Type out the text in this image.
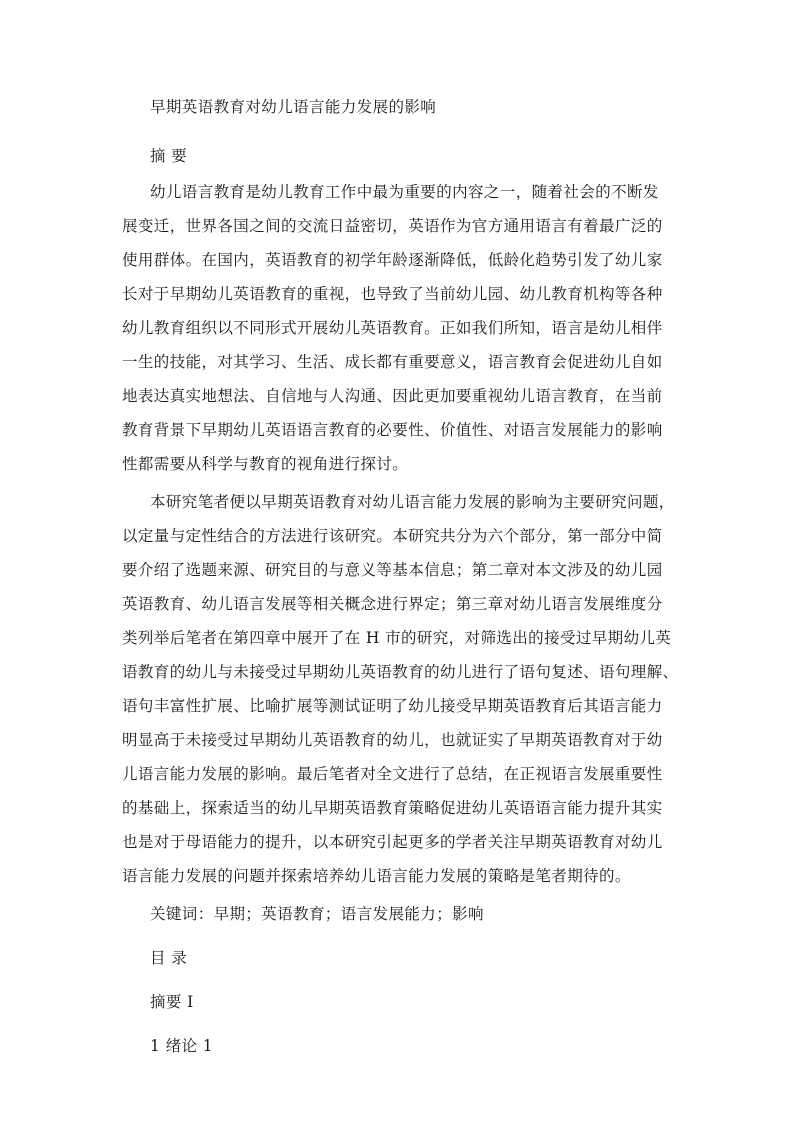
早期英语教育对幼儿语言能力发展的影响
摘 要
幼儿语言教育是幼儿教育工作中最为重要的内容之一，随着社会的不断发
展变迁，世界各国之间的交流日益密切，英语作为官方通用语言有着最广泛的
使用群体。在国内，英语教育的初学年龄逐渐降低，低龄化趋势引发了幼儿家
长对于早期幼儿英语教育的重视，也导致了当前幼儿园、幼儿教育机构等各种
幼儿教育组织以不同形式开展幼儿英语教育。正如我们所知，语言是幼儿相伴
一生的技能，对其学习、生活、成长都有重要意义，语言教育会促进幼儿自如
地表达真实地想法、自信地与人沟通、因此更加要重视幼儿语言教育，在当前
教育背景下早期幼儿英语语言教育的必要性、价值性、对语言发展能力的影响
性都需要从科学与教育的视角进行探讨。
本研究笔者便以早期英语教育对幼儿语言能力发展的影响为主要研究问题，
以定量与定性结合的方法进行该研究。本研究共分为六个部分，第一部分中简
要介绍了选题来源、研究目的与意义等基本信息；第二章对本文涉及的幼儿园
英语教育、幼儿语言发展等相关概念进行界定；第三章对幼儿语言发展维度分
类列举后笔者在第四章中展开了在 H 市的研究，对筛选出的接受过早期幼儿英
语教育的幼儿与未接受过早期幼儿英语教育的幼儿进行了语句复述、语句理解、
语句丰富性扩展、比喻扩展等测试证明了幼儿接受早期英语教育后其语言能力
明显高于未接受过早期幼儿英语教育的幼儿，也就证实了早期英语教育对于幼
儿语言能力发展的影响。最后笔者对全文进行了总结，在正视语言发展重要性
的基础上，探索适当的幼儿早期英语教育策略促进幼儿英语语言能力提升其实
也是对于母语能力的提升，以本研究引起更多的学者关注早期英语教育对幼儿
语言能力发展的问题并探索培养幼儿语言能力发展的策略是笔者期待的。
关键词：早期；英语教育；语言发展能力；影响
目 录
摘要 I
1 绪论 1
